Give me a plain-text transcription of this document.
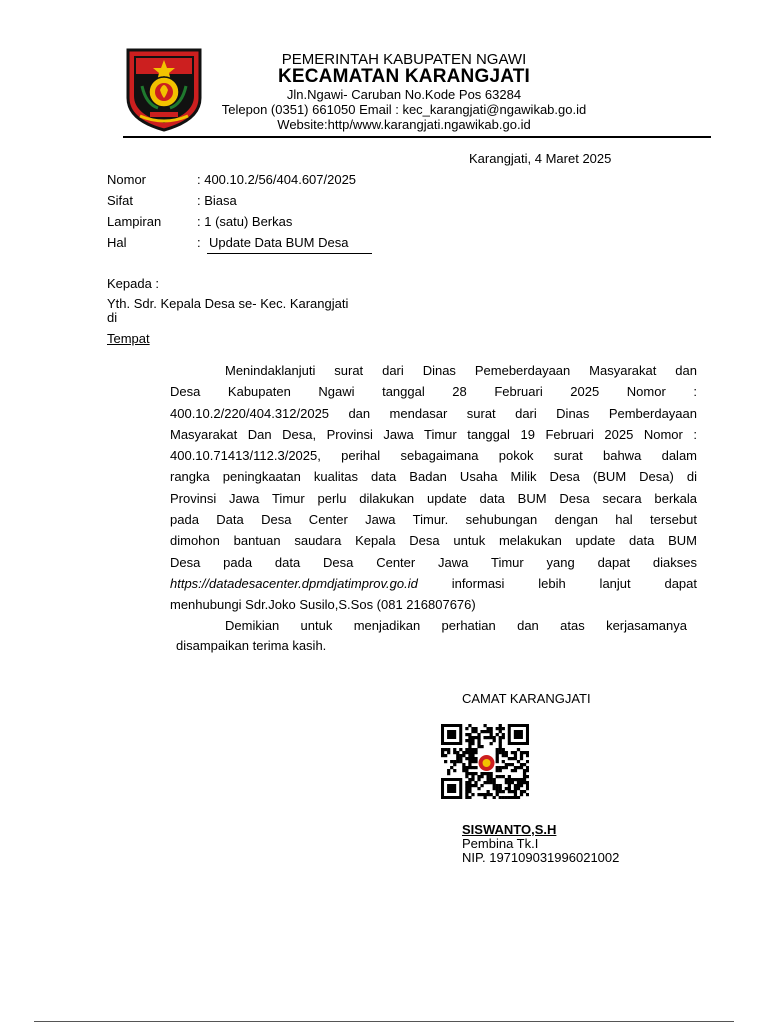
PEMERINTAH KABUPATEN NGAWI
KECAMATAN KARANGJATI
Jln.Ngawi- Caruban No.Kode Pos 63284
Telepon (0351) 661050 Email : kec_karangjati@ngawikab.go.id
Website:http/www.karangjati.ngawikab.go.id
Karangjati, 4 Maret 2025
Nomor	: 400.10.2/56/404.607/2025
Sifat	: Biasa
Lampiran	: 1 (satu) Berkas
Hal	: Update Data BUM Desa
Kepada :
Yth. Sdr. Kepala Desa se- Kec. Karangjati
di
Tempat
Menindaklanjuti surat dari Dinas Pemeberdayaan Masyarakat dan
Desa Kabupaten Ngawi tanggal 28 Februari 2025 Nomor :
400.10.2/220/404.312/2025 dan mendasar surat dari Dinas Pemberdayaan
Masyarakat Dan Desa, Provinsi Jawa Timur tanggal 19 Februari 2025 Nomor :
400.10.71413/112.3/2025, perihal sebagaimana pokok surat bahwa dalam
rangka peningkaatan kualitas data Badan Usaha Milik Desa (BUM Desa) di
Provinsi Jawa Timur perlu dilakukan update data BUM Desa secara berkala
pada Data Desa Center Jawa Timur. sehubungan dengan hal tersebut
dimohon bantuan saudara Kepala Desa untuk melakukan update data BUM
Desa pada data Desa Center Jawa Timur yang dapat diakses
https://datadesacenter.dpmdjatimprov.go.id informasi lebih lanjut dapat
menhubungi Sdr.Joko Susilo,S.Sos (081 216807676)
Demikian untuk menjadikan perhatian dan atas kerjasamanya
disampaikan terima kasih.
CAMAT KARANGJATI
SISWANTO,S.H
Pembina Tk.I
NIP. 197109031996021002
